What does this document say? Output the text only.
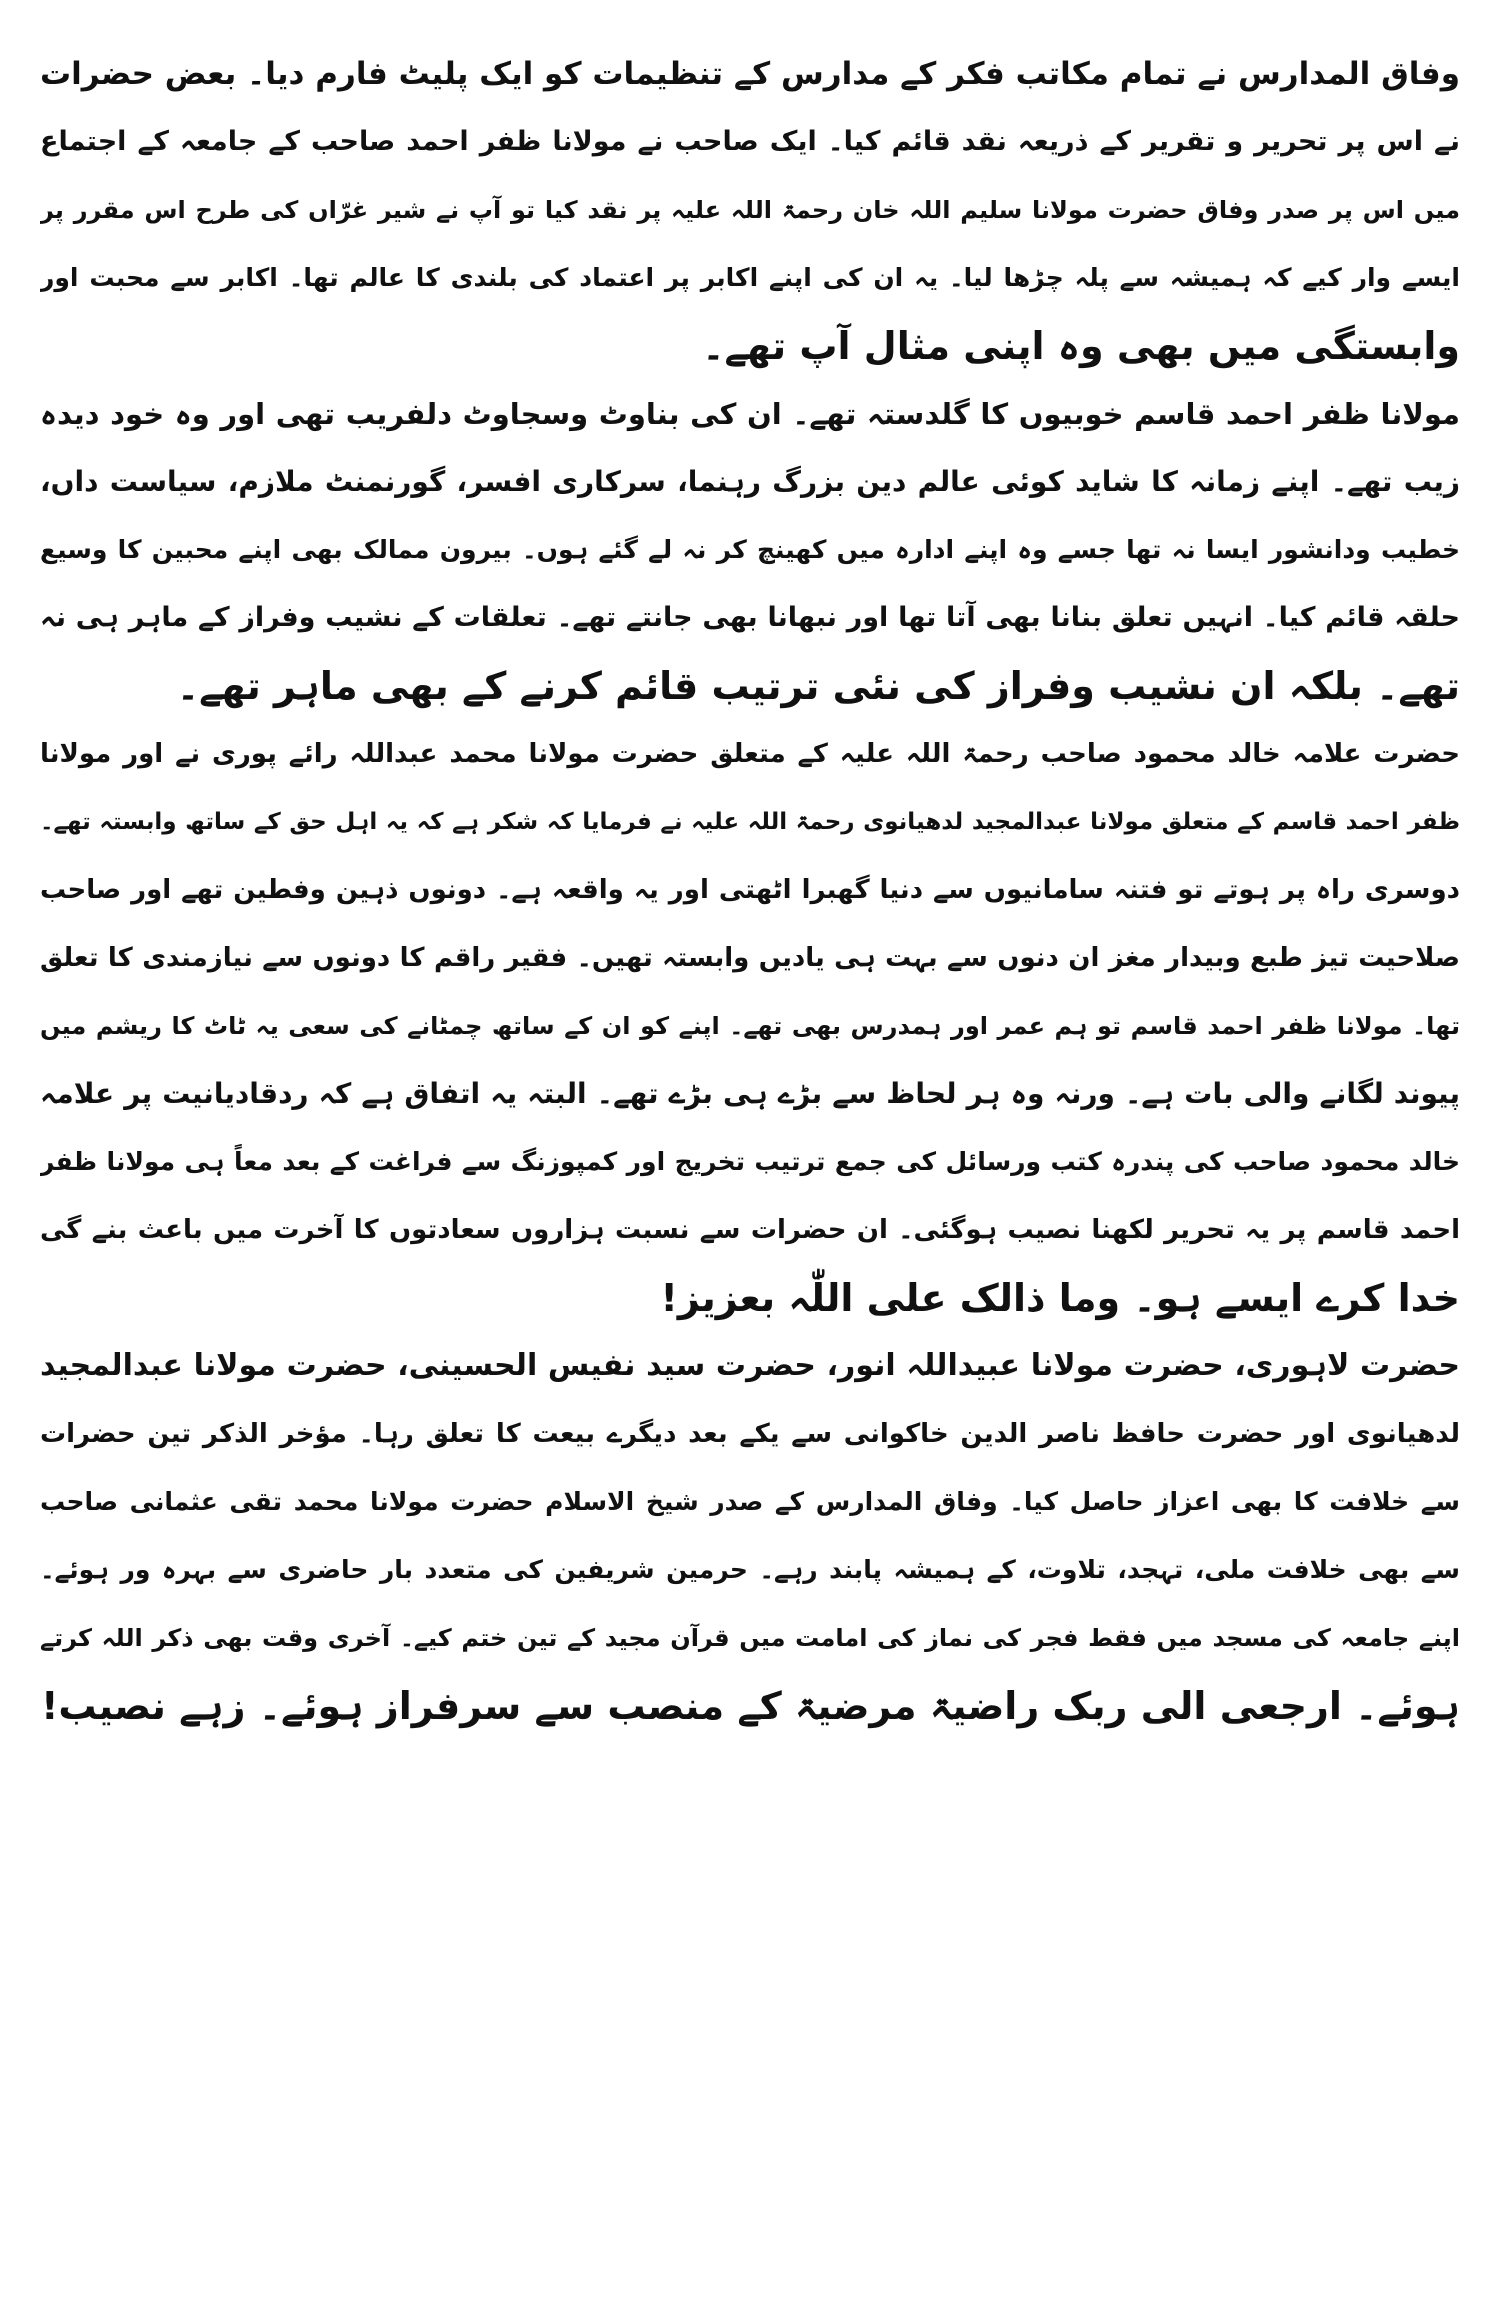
وفاق المدارس نے تمام مکاتب فکر کے مدارس کے تنظیمات کو ایک پلیٹ فارم دیا۔ بعض حضرات
نے اس پر تحریر و تقریر کے ذریعہ نقد قائم کیا۔ ایک صاحب نے مولانا ظفر احمد صاحب کے جامعہ کے اجتماع
میں اس پر صدر وفاق حضرت مولانا سلیم اللہ خان رحمۃ اللہ علیہ پر نقد کیا تو آپ نے شیر غرّاں کی طرح اس مقرر پر
ایسے وار کیے کہ ہمیشہ سے پلہ چڑھا لیا۔ یہ ان کی اپنے اکابر پر اعتماد کی بلندی کا عالم تھا۔ اکابر سے محبت اور
وابستگی میں بھی وہ اپنی مثال آپ تھے۔
مولانا ظفر احمد قاسم خوبیوں کا گلدستہ تھے۔ ان کی بناوٹ وسجاوٹ دلفریب تھی اور وہ خود دیدہ
زیب تھے۔ اپنے زمانہ کا شاید کوئی عالم دین بزرگ رہنما، سرکاری افسر، گورنمنٹ ملازم، سیاست داں،
خطیب ودانشور ایسا نہ تھا جسے وہ اپنے ادارہ میں کھینچ کر نہ لے گئے ہوں۔ بیرون ممالک بھی اپنے محبین کا وسیع
حلقہ قائم کیا۔ انہیں تعلق بنانا بھی آتا تھا اور نبھانا بھی جانتے تھے۔ تعلقات کے نشیب وفراز کے ماہر ہی نہ
تھے۔ بلکہ ان نشیب وفراز کی نئی ترتیب قائم کرنے کے بھی ماہر تھے۔
حضرت علامہ خالد محمود صاحب رحمۃ اللہ علیہ کے متعلق حضرت مولانا محمد عبداللہ رائے پوری نے اور مولانا
ظفر احمد قاسم کے متعلق مولانا عبدالمجید لدھیانوی رحمۃ اللہ علیہ نے فرمایا کہ شکر ہے کہ یہ اہل حق کے ساتھ وابستہ تھے۔
دوسری راہ پر ہوتے تو فتنہ سامانیوں سے دنیا گھبرا اٹھتی اور یہ واقعہ ہے۔ دونوں ذہین وفطین تھے اور صاحب
صلاحیت تیز طبع وبیدار مغز ان دنوں سے بہت ہی یادیں وابستہ تھیں۔ فقیر راقم کا دونوں سے نیازمندی کا تعلق
تھا۔ مولانا ظفر احمد قاسم تو ہم عمر اور ہمدرس بھی تھے۔ اپنے کو ان کے ساتھ چمٹانے کی سعی یہ ٹاٹ کا ریشم میں
پیوند لگانے والی بات ہے۔ ورنہ وہ ہر لحاظ سے بڑے ہی بڑے تھے۔ البتہ یہ اتفاق ہے کہ ردقادیانیت پر علامہ
خالد محمود صاحب کی پندرہ کتب ورسائل کی جمع ترتیب تخریج اور کمپوزنگ سے فراغت کے بعد معاً ہی مولانا ظفر
احمد قاسم پر یہ تحریر لکھنا نصیب ہوگئی۔ ان حضرات سے نسبت ہزاروں سعادتوں کا آخرت میں باعث بنے گی
خدا کرے ایسے ہو۔ وما ذالک علی اللّٰہ بعزیز!
حضرت لاہوری، حضرت مولانا عبیداللہ انور، حضرت سید نفیس الحسینی، حضرت مولانا عبدالمجید
لدھیانوی اور حضرت حافظ ناصر الدین خاکوانی سے یکے بعد دیگرے بیعت کا تعلق رہا۔ مؤخر الذکر تین حضرات
سے خلافت کا بھی اعزاز حاصل کیا۔ وفاق المدارس کے صدر شیخ الاسلام حضرت مولانا محمد تقی عثمانی صاحب
سے بھی خلافت ملی، تہجد، تلاوت، کے ہمیشہ پابند رہے۔ حرمین شریفین کی متعدد بار حاضری سے بہرہ ور ہوئے۔
اپنے جامعہ کی مسجد میں فقط فجر کی نماز کی امامت میں قرآن مجید کے تین ختم کیے۔ آخری وقت بھی ذکر اللہ کرتے
ہوئے۔ ارجعی الی ربک راضیۃ مرضیۃ کے منصب سے سرفراز ہوئے۔ زہے نصیب!
